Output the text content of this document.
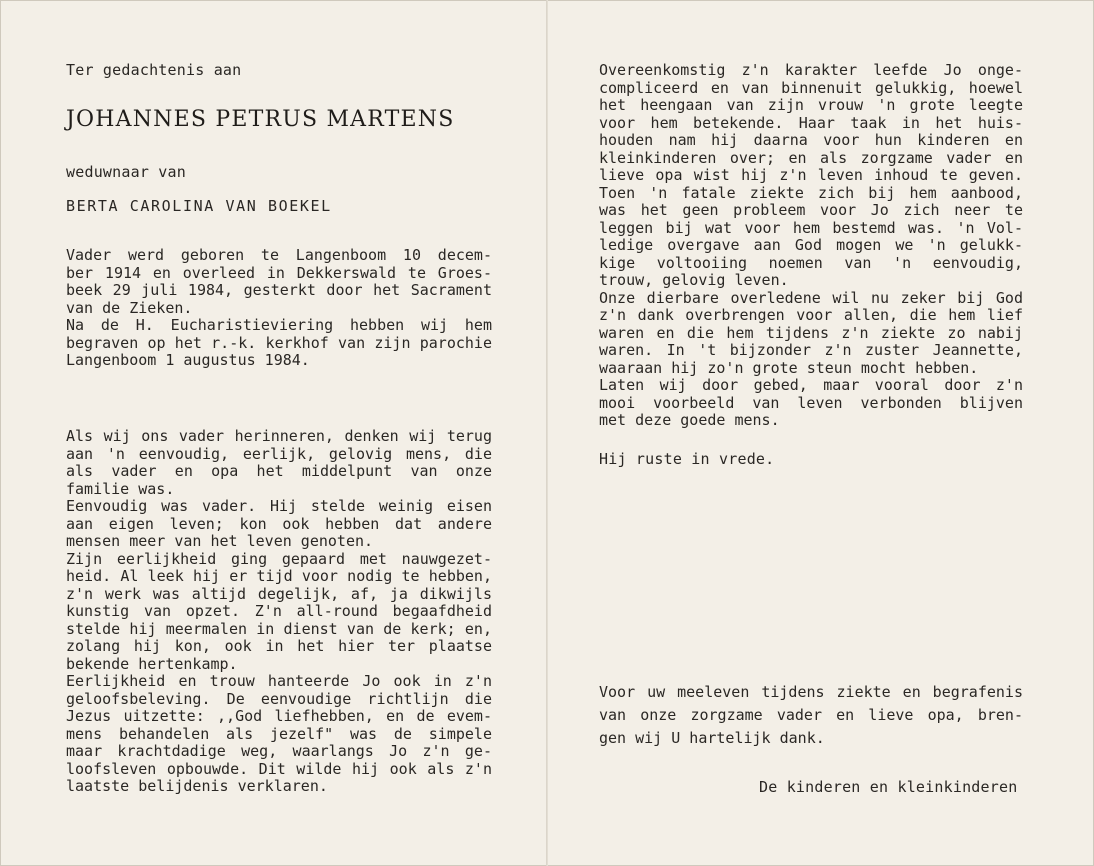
Ter gedachtenis aan
JOHANNES PETRUS MARTENS
weduwnaar van
BERTA CAROLINA VAN BOEKEL
Vader werd geboren te Langenboom 10 decem-
ber 1914 en overleed in Dekkerswald te Groes-
beek 29 juli 1984, gesterkt door het Sacrament
van de Zieken.
Na de H. Eucharistieviering hebben wij hem
begraven op het r.-k. kerkhof van zijn parochie
Langenboom 1 augustus 1984.
Als wij ons vader herinneren, denken wij terug
aan 'n eenvoudig, eerlijk, gelovig mens, die
als vader en opa het middelpunt van onze
familie was.
Eenvoudig was vader. Hij stelde weinig eisen
aan eigen leven; kon ook hebben dat andere
mensen meer van het leven genoten.
Zijn eerlijkheid ging gepaard met nauwgezet-
heid. Al leek hij er tijd voor nodig te hebben,
z'n werk was altijd degelijk, af, ja dikwijls
kunstig van opzet. Z'n all-round begaafdheid
stelde hij meermalen in dienst van de kerk; en,
zolang hij kon, ook in het hier ter plaatse
bekende hertenkamp.
Eerlijkheid en trouw hanteerde Jo ook in z'n
geloofsbeleving. De eenvoudige richtlijn die
Jezus uitzette: ,,God liefhebben, en de evem-
mens behandelen als jezelf" was de simpele
maar krachtdadige weg, waarlangs Jo z'n ge-
loofsleven opbouwde. Dit wilde hij ook als z'n
laatste belijdenis verklaren.
Overeenkomstig z'n karakter leefde Jo onge-
compliceerd en van binnenuit gelukkig, hoewel
het heengaan van zijn vrouw 'n grote leegte
voor hem betekende. Haar taak in het huis-
houden nam hij daarna voor hun kinderen en
kleinkinderen over; en als zorgzame vader en
lieve opa wist hij z'n leven inhoud te geven.
Toen 'n fatale ziekte zich bij hem aanbood,
was het geen probleem voor Jo zich neer te
leggen bij wat voor hem bestemd was. 'n Vol-
ledige overgave aan God mogen we 'n gelukk-
kige voltooiing noemen van 'n eenvoudig,
trouw, gelovig leven.
Onze dierbare overledene wil nu zeker bij God
z'n dank overbrengen voor allen, die hem lief
waren en die hem tijdens z'n ziekte zo nabij
waren. In 't bijzonder z'n zuster Jeannette,
waaraan hij zo'n grote steun mocht hebben.
Laten wij door gebed, maar vooral door z'n
mooi voorbeeld van leven verbonden blijven
met deze goede mens.
Hij ruste in vrede.
Voor uw meeleven tijdens ziekte en begrafenis
van onze zorgzame vader en lieve opa, bren-
gen wij U hartelijk dank.
De kinderen en kleinkinderen
